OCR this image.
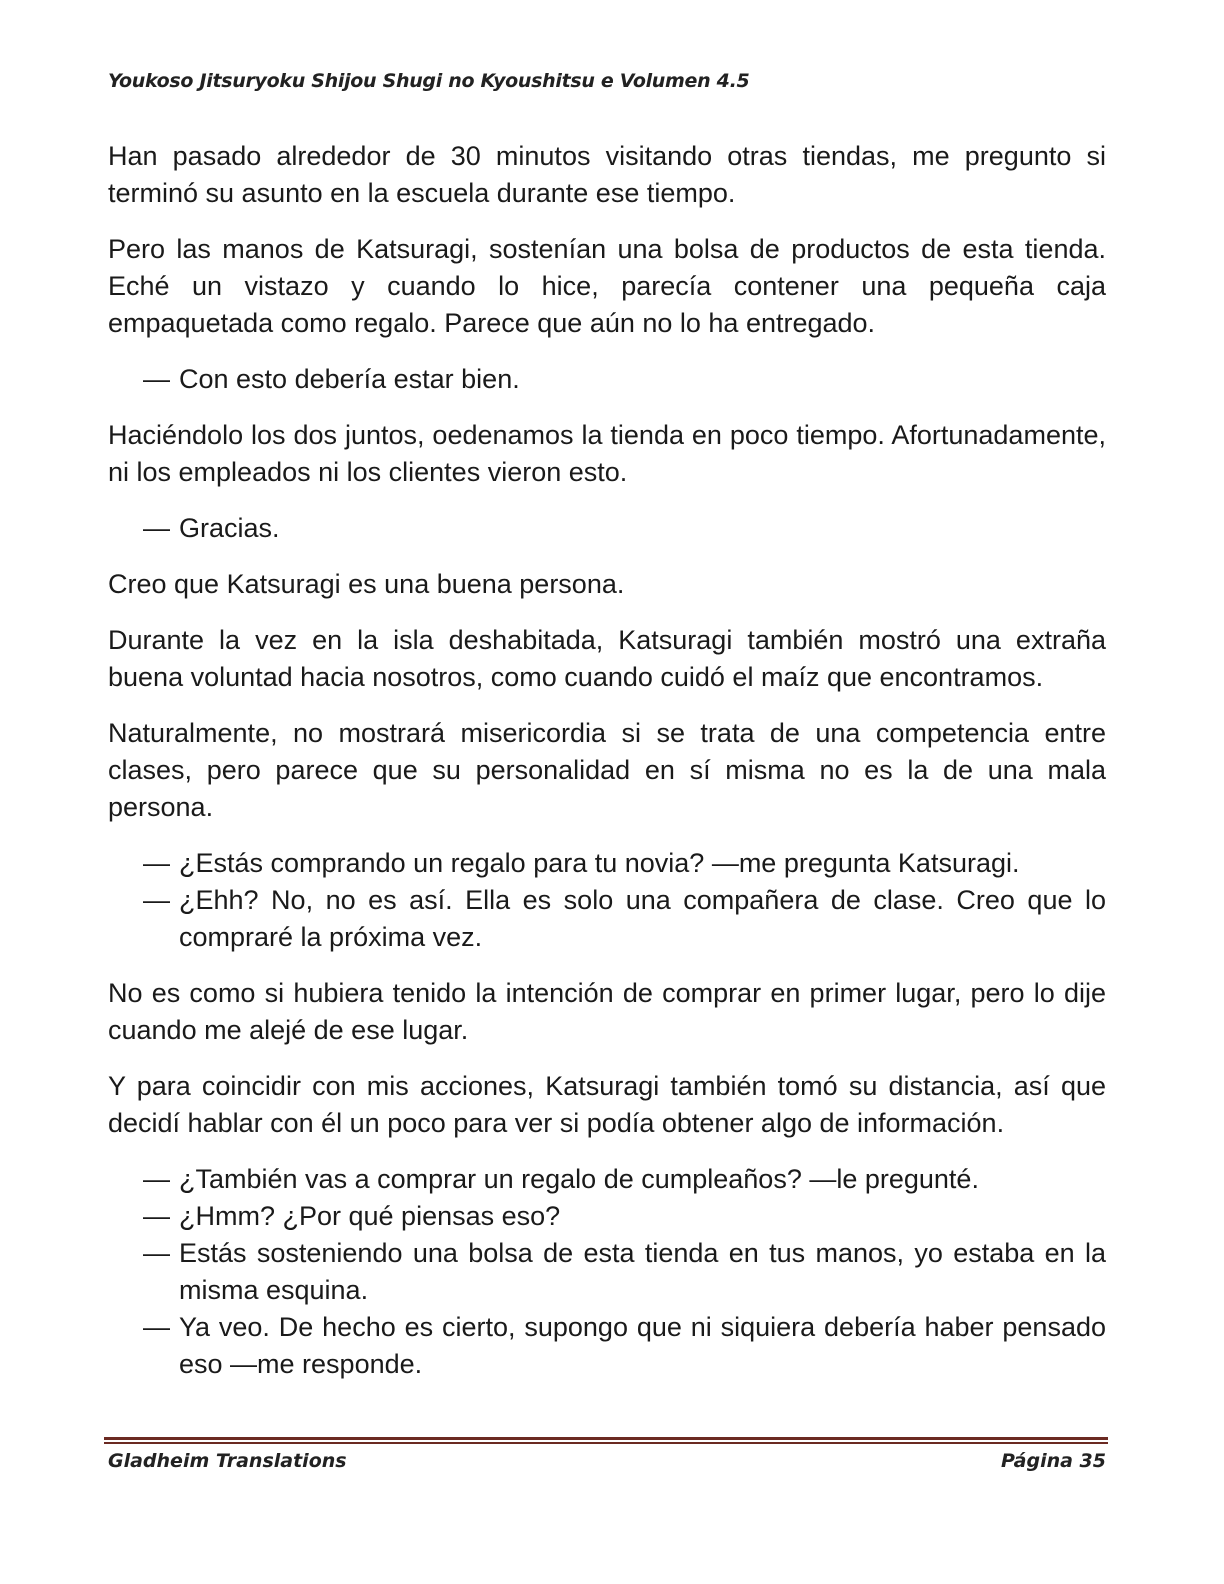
Youkoso Jitsuryoku Shijou Shugi no Kyoushitsu e Volumen 4.5

Han pasado alrededor de 30 minutos visitando otras tiendas, me pregunto si terminó su asunto en la escuela durante ese tiempo.

Pero las manos de Katsuragi, sostenían una bolsa de productos de esta tienda. Eché un vistazo y cuando lo hice, parecía contener una pequeña caja empaquetada como regalo. Parece que aún no lo ha entregado.

— Con esto debería estar bien.

Haciéndolo los dos juntos, oedenamos la tienda en poco tiempo. Afortunadamente, ni los empleados ni los clientes vieron esto.

— Gracias.

Creo que Katsuragi es una buena persona.

Durante la vez en la isla deshabitada, Katsuragi también mostró una extraña buena voluntad hacia nosotros, como cuando cuidó el maíz que encontramos.

Naturalmente, no mostrará misericordia si se trata de una competencia entre clases, pero parece que su personalidad en sí misma no es la de una mala persona.

— ¿Estás comprando un regalo para tu novia? —me pregunta Katsuragi.
— ¿Ehh? No, no es así. Ella es solo una compañera de clase. Creo que lo compraré la próxima vez.

No es como si hubiera tenido la intención de comprar en primer lugar, pero lo dije cuando me alejé de ese lugar.

Y para coincidir con mis acciones, Katsuragi también tomó su distancia, así que decidí hablar con él un poco para ver si podía obtener algo de información.

— ¿También vas a comprar un regalo de cumpleaños? —le pregunté.
— ¿Hmm? ¿Por qué piensas eso?
— Estás sosteniendo una bolsa de esta tienda en tus manos, yo estaba en la misma esquina.
— Ya veo. De hecho es cierto, supongo que ni siquiera debería haber pensado eso —me responde.
Gladheim Translations	Página 35
